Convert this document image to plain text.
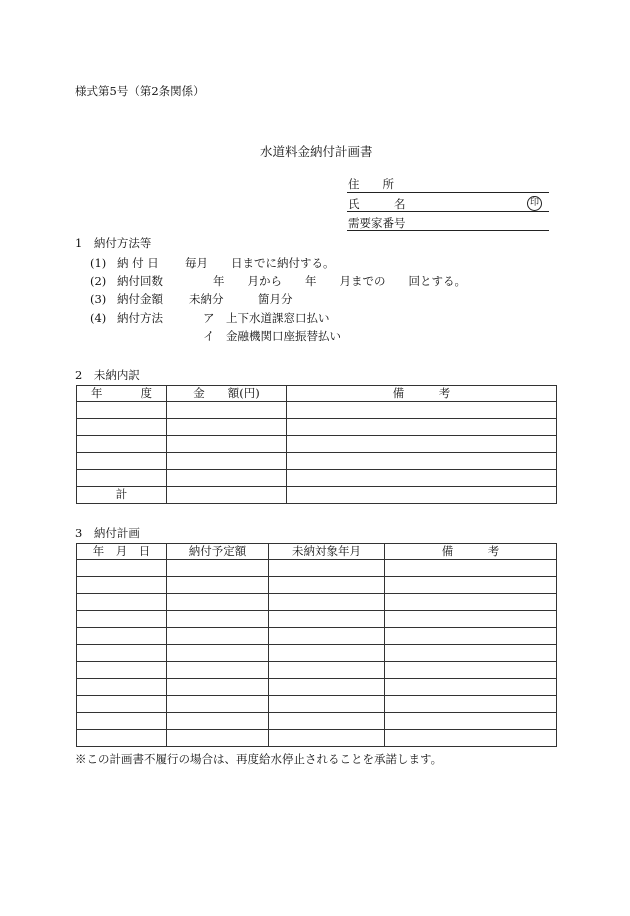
様式第5号（第2条関係）
水道料金納付計画書
住　　所
氏　　　名	印
需要家番号
1　納付方法等
(1) 納 付 日 毎月　　日までに納付する。
(2) 納付回数	年　　月から　　年　　月までの　　回とする。
(3) 納付金額 未納分　　　箇月分
(4) 納付方法	ア　上下水道課窓口払い
イ　金融機関口座振替払い
2　未納内訳
年 度	金　　額(円)	備　　　考

計		
3　納付計画
年　月　日	納付予定額	未納対象年月	備　　　考

※この計画書不履行の場合は、再度給水停止されることを承諾します。
